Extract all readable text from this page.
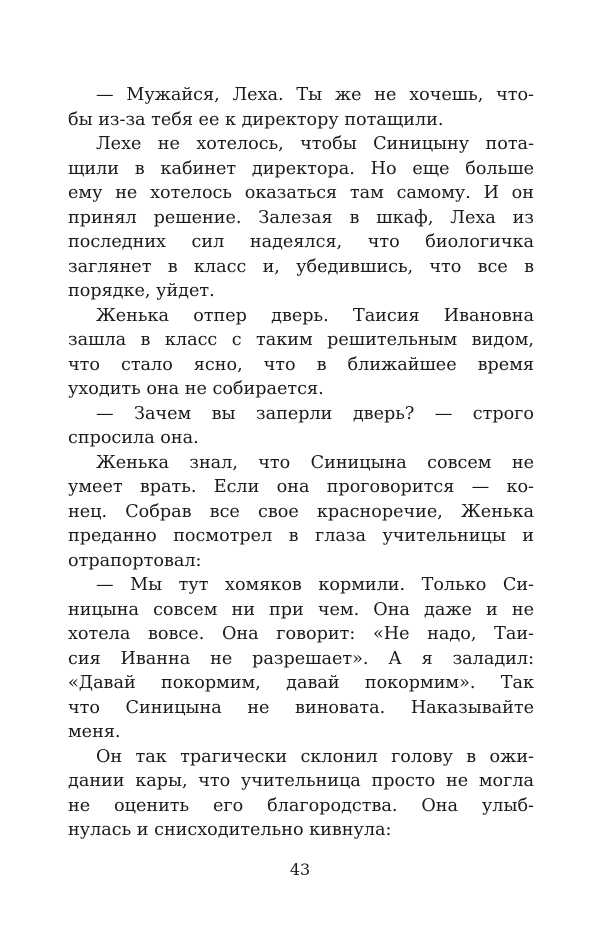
— Мужайся, Леха. Ты же не хочешь, что-
бы из-за тебя ее к директору потащили.
Лехе не хотелось, чтобы Синицыну пота-
щили в кабинет директора. Но еще больше
ему не хотелось оказаться там самому. И он
принял решение. Залезая в шкаф, Леха из
последних сил надеялся, что биологичка
заглянет в класс и, убедившись, что все в
порядке, уйдет.
Женька отпер дверь. Таисия Ивановна
зашла в класс с таким решительным видом,
что стало ясно, что в ближайшее время
уходить она не собирается.
— Зачем вы заперли дверь? — строго
спросила она.
Женька знал, что Синицына совсем не
умеет врать. Если она проговорится — ко-
нец. Собрав все свое красноречие, Женька
преданно посмотрел в глаза учительницы и
отрапортовал:
— Мы тут хомяков кормили. Только Си-
ницына совсем ни при чем. Она даже и не
хотела вовсе. Она говорит: «Не надо, Таи-
сия Иванна не разрешает». А я заладил:
«Давай покормим, давай покормим». Так
что Синицына не виновата. Наказывайте
меня.
Он так трагически склонил голову в ожи-
дании кары, что учительница просто не могла
не оценить его благородства. Она улыб-
нулась и снисходительно кивнула:
43
